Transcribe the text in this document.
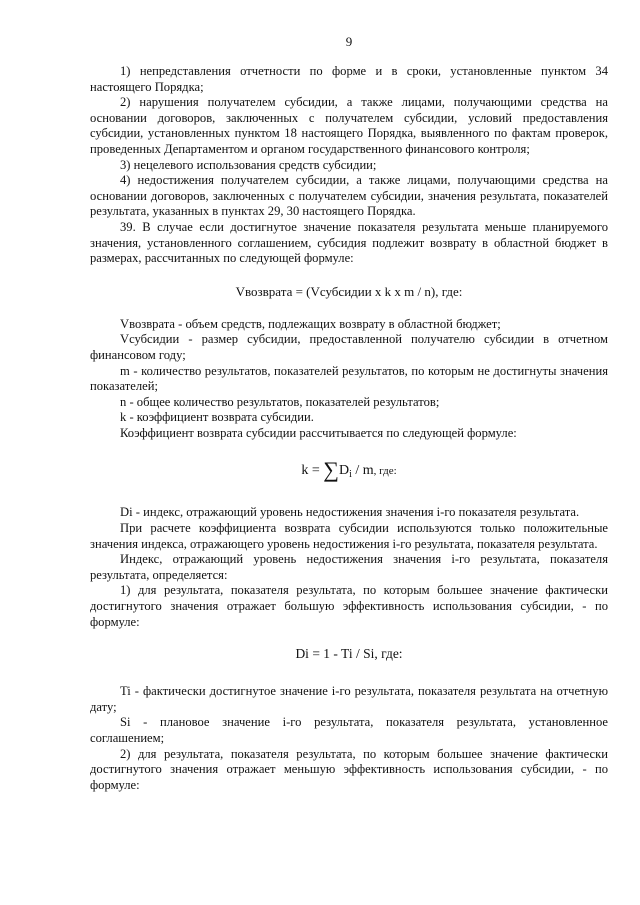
9

1) непредставления отчетности по форме и в сроки, установленные пунктом 34 настоящего Порядка;

2) нарушения получателем субсидии, а также лицами, получающими средства на основании договоров, заключенных с получателем субсидии, условий предоставления субсидии, установленных пунктом 18 настоящего Порядка, выявленного по фактам проверок, проведенных Департаментом и органом государственного финансового контроля;

3) нецелевого использования средств субсидии;

4) недостижения получателем субсидии, а также лицами, получающими средства на основании договоров, заключенных с получателем субсидии, значения результата, показателей результата, указанных в пунктах 29, 30 настоящего Порядка.

39. В случае если достигнутое значение показателя результата меньше планируемого значения, установленного соглашением, субсидия подлежит возврату в областной бюджет в размерах, рассчитанных по следующей формуле:

Vвозврата = (Vсубсидии x k x m / n), где:

Vвозврата - объем средств, подлежащих возврату в областной бюджет;

Vсубсидии - размер субсидии, предоставленной получателю субсидии в отчетном финансовом году;

m - количество результатов, показателей результатов, по которым не достигнуты значения показателей;

n - общее количество результатов, показателей результатов;

k - коэффициент возврата субсидии.

Коэффициент возврата субсидии рассчитывается по следующей формуле:

$k = \sum D_i / m$, где:

Di - индекс, отражающий уровень недостижения значения i-го показателя результата.

При расчете коэффициента возврата субсидии используются только положительные значения индекса, отражающего уровень недостижения i-го результата, показателя результата.

Индекс, отражающий уровень недостижения значения i-го результата, показателя результата, определяется:

1) для результата, показателя результата, по которым большее значение фактически достигнутого значения отражает большую эффективность использования субсидии, - по формуле:

Di = 1 - Ti / Si, где:

Ti - фактически достигнутое значение i-го результата, показателя результата на отчетную дату;

Si - плановое значение i-го результата, показателя результата, установленное соглашением;

2) для результата, показателя результата, по которым большее значение фактически достигнутого значения отражает меньшую эффективность использования субсидии, - по формуле:
